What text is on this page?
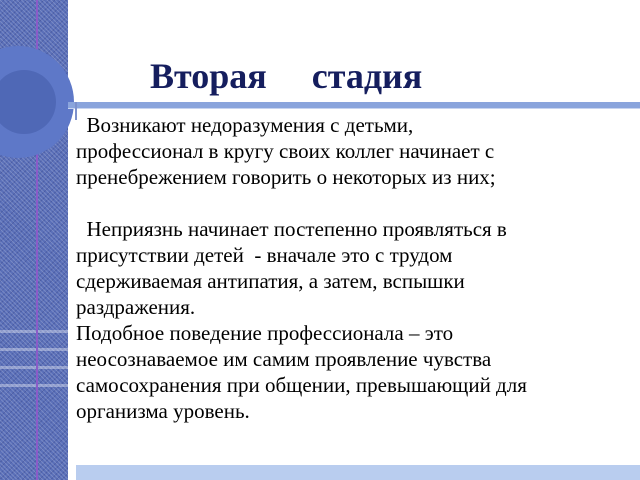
Вторая     стадия

Возникают недоразумения с детьми,
профессионал в кругу своих коллег начинает с
пренебрежением говорить о некоторых из них;

Неприязнь начинает постепенно проявляться в
присутствии детей  - вначале это с трудом
сдерживаемая антипатия, а затем, вспышки
раздражения.
Подобное поведение профессионала – это
неосознаваемое им самим проявление чувства
самосохранения при общении, превышающий для
организма уровень.
